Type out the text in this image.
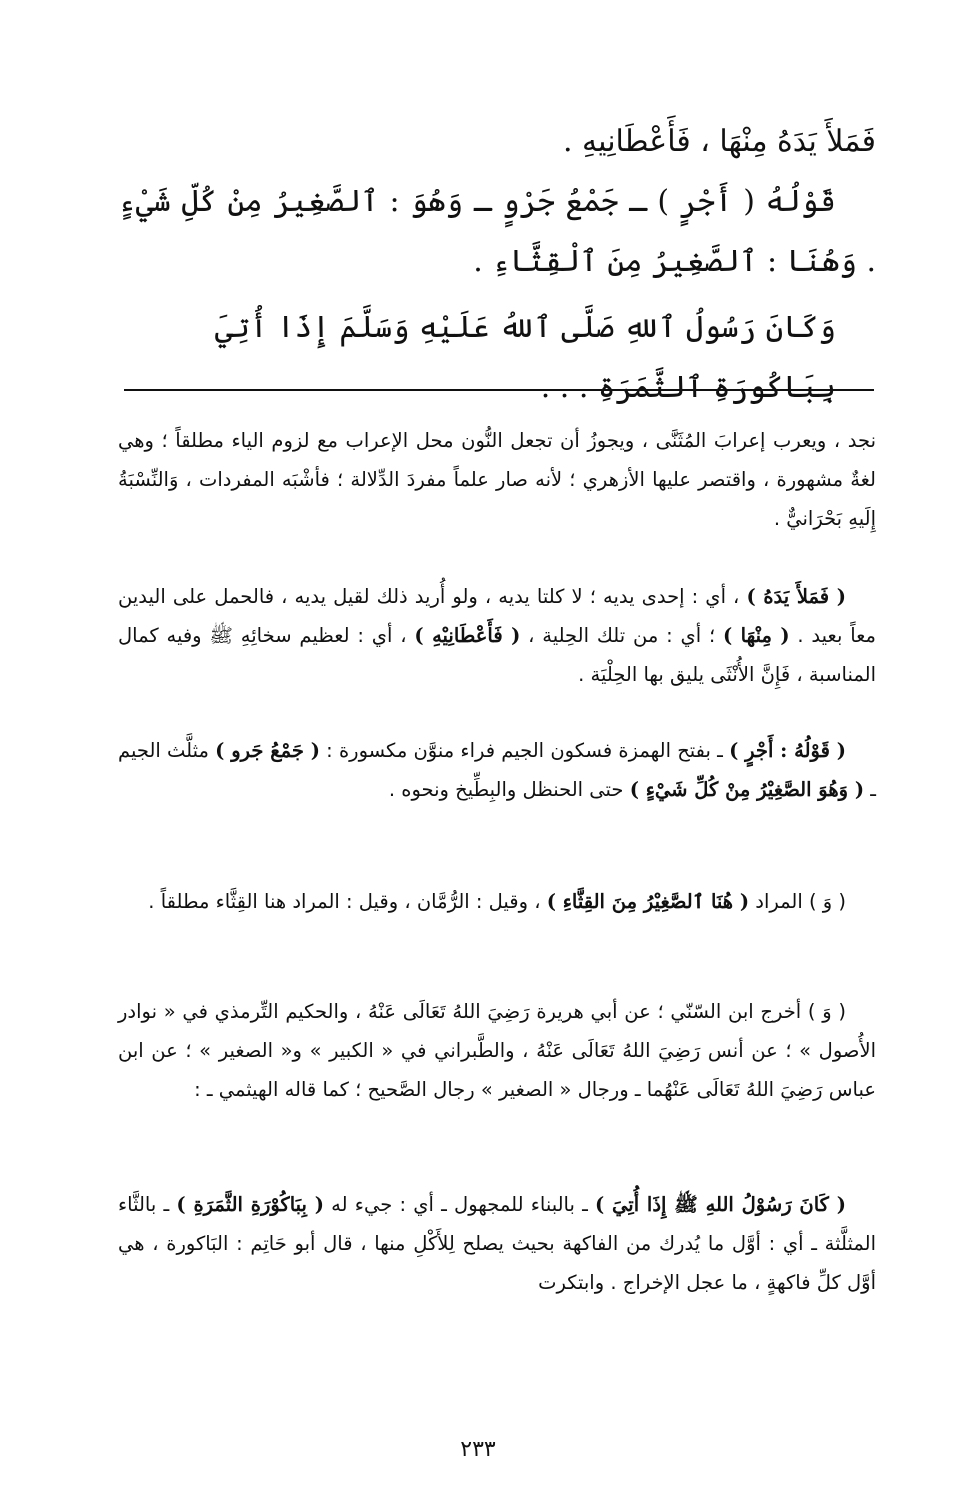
فَمَلأَ يَدَهُ مِنْهَا ، فَأَعْطَانِيهِ .

قَوْلُهُ ( أَجْرٍ ) ـ جَمْعُ جَرْوٍ ـ وَهُوَ : ٱلصَّغِيرُ مِنْ كُلِّ شَيْءٍ . وَهُنَا : ٱلصَّغِيرُ مِنَ ٱلْقِثَّاءِ .

وَكَانَ رَسُولُ ٱللهِ صَلَّى ٱللهُ عَلَيْهِ وَسَلَّمَ إِذَا أُتِيَ بِبَاكُورَةِ ٱلثَّمَرَةِ . . .

نجد ، ويعرب إعرابَ المُثَنَّى ، ويجوزُ أن تجعل النُّون محل الإعراب مع لزوم الياء مطلقاً ؛ وهي لغةٌ مشهورة ، واقتصر عليها الأزهري ؛ لأنه صار علماً مفردَ الدِّلالة ؛ فأشْبَه المفردات ، وَالنِّسْبَةُ إِلَيهِ بَحْرَانيٌّ .

( فَمَلأَ يَدَهُ ) ، أي : إحدى يديه ؛ لا كلتا يديه ، ولو أُريد ذلك لقيل يديه ، فالحمل على اليدين معاً بعيد . ( مِنْهَا ) ؛ أي : من تلك الحِلية ، ( فَأَعْطَانِيْهِ ) ، أي : لعظيم سخائِهِ ﷺ وفيه كمال المناسبة ، فَإِنَّ الأُنْثَى يليق بها الحِلْيَة .

( قَوْلُهُ : أَجْرٍ ) ـ بفتح الهمزة فسكون الجيم فراء منوَّن مكسورة : ( جَمْعُ جَرو ) مثلَّث الجيم ـ ( وَهُوَ الصَّغِيْرُ مِنْ كُلِّ شَيْءٍ ) حتى الحنظل والبِطِّيخ ونحوه .

( وَ ) المراد ( هُنَا ٱلصَّغِيْرُ مِنَ القِثَّاءِ ) ، وقيل : الرُّمَّان ، وقيل : المراد هنا القِثَّاء مطلقاً .

( وَ ) أخرج ابن السّنّي ؛ عن أبي هريرة رَضِيَ اللهُ تَعَالَى عَنْهُ ، والحكيم التِّرمذي في « نوادر الأُصول » ؛ عن أنس رَضِيَ اللهُ تَعَالَى عَنْهُ ، والطَّبراني في « الكبير » و« الصغير » ؛ عن ابن عباس رَضِيَ اللهُ تَعَالَى عَنْهُما ـ ورجال « الصغير » رجال الصَّحيح ؛ كما قاله الهيثمي ـ :

( كَانَ رَسُوْلُ اللهِ ﷺ إِذَا أُتِيَ ) ـ بالبناء للمجهول ـ أي : جيء له ( بِبَاكُوْرَةِ الثَّمَرَةِ ) ـ بالثَّاء المثلَّثة ـ أي : أوَّل ما يُدرك من الفاكهة بحيث يصلح لِلأَكْلِ منها ، قال أبو حَاتِم : البَاكورة ، هي أوَّل كلِّ فاكهةٍ ، ما عجل الإخراج . وابتكرت

٢٣٣
